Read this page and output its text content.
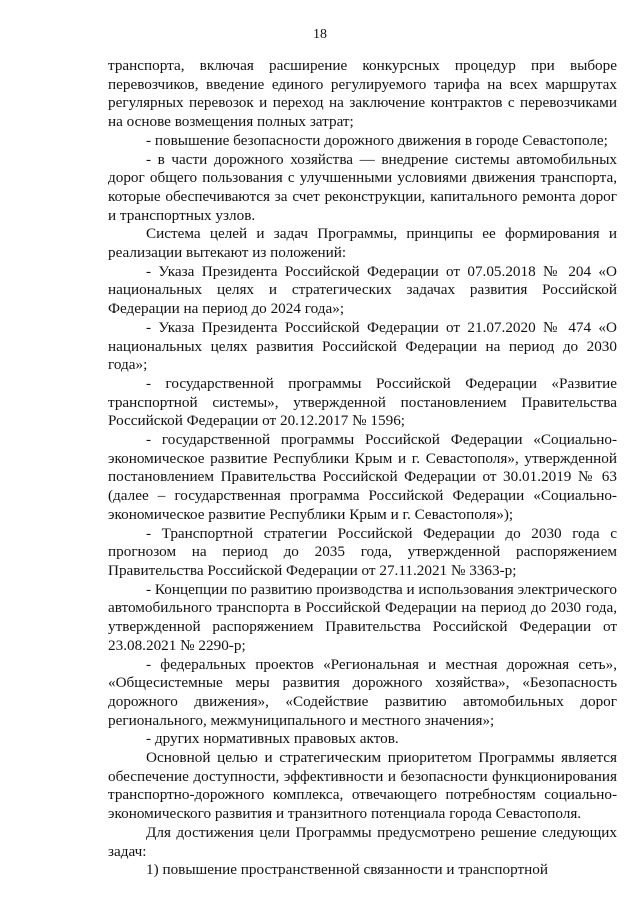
18

транспорта, включая расширение конкурсных процедур при выборе перевозчиков, введение единого регулируемого тарифа на всех маршрутах регулярных перевозок и переход на заключение контрактов с перевозчиками на основе возмещения полных затрат;

- повышение безопасности дорожного движения в городе Севастополе;

- в части дорожного хозяйства — внедрение системы автомобильных дорог общего пользования с улучшенными условиями движения транспорта, которые обеспечиваются за счет реконструкции, капитального ремонта дорог и транспортных узлов.

Система целей и задач Программы, принципы ее формирования и реализации вытекают из положений:

- Указа Президента Российской Федерации от 07.05.2018 № 204 «О национальных целях и стратегических задачах развития Российской Федерации на период до 2024 года»;

- Указа Президента Российской Федерации от 21.07.2020 № 474 «О национальных целях развития Российской Федерации на период до 2030 года»;

- государственной программы Российской Федерации «Развитие транспортной системы», утвержденной постановлением Правительства Российской Федерации от 20.12.2017 № 1596;

- государственной программы Российской Федерации «Социально-экономическое развитие Республики Крым и г. Севастополя», утвержденной постановлением Правительства Российской Федерации от 30.01.2019 № 63 (далее – государственная программа Российской Федерации «Социально-экономическое развитие Республики Крым и г. Севастополя»);

- Транспортной стратегии Российской Федерации до 2030 года с прогнозом на период до 2035 года, утвержденной распоряжением Правительства Российской Федерации от 27.11.2021 № 3363-р;

- Концепции по развитию производства и использования электрического автомобильного транспорта в Российской Федерации на период до 2030 года, утвержденной распоряжением Правительства Российской Федерации от 23.08.2021 № 2290-р;

- федеральных проектов «Региональная и местная дорожная сеть», «Общесистемные меры развития дорожного хозяйства», «Безопасность дорожного движения», «Содействие развитию автомобильных дорог регионального, межмуниципального и местного значения»;

- других нормативных правовых актов.

Основной целью и стратегическим приоритетом Программы является обеспечение доступности, эффективности и безопасности функционирования транспортно-дорожного комплекса, отвечающего потребностям социально-экономического развития и транзитного потенциала города Севастополя.

Для достижения цели Программы предусмотрено решение следующих задач:

1) повышение пространственной связанности и транспортной
